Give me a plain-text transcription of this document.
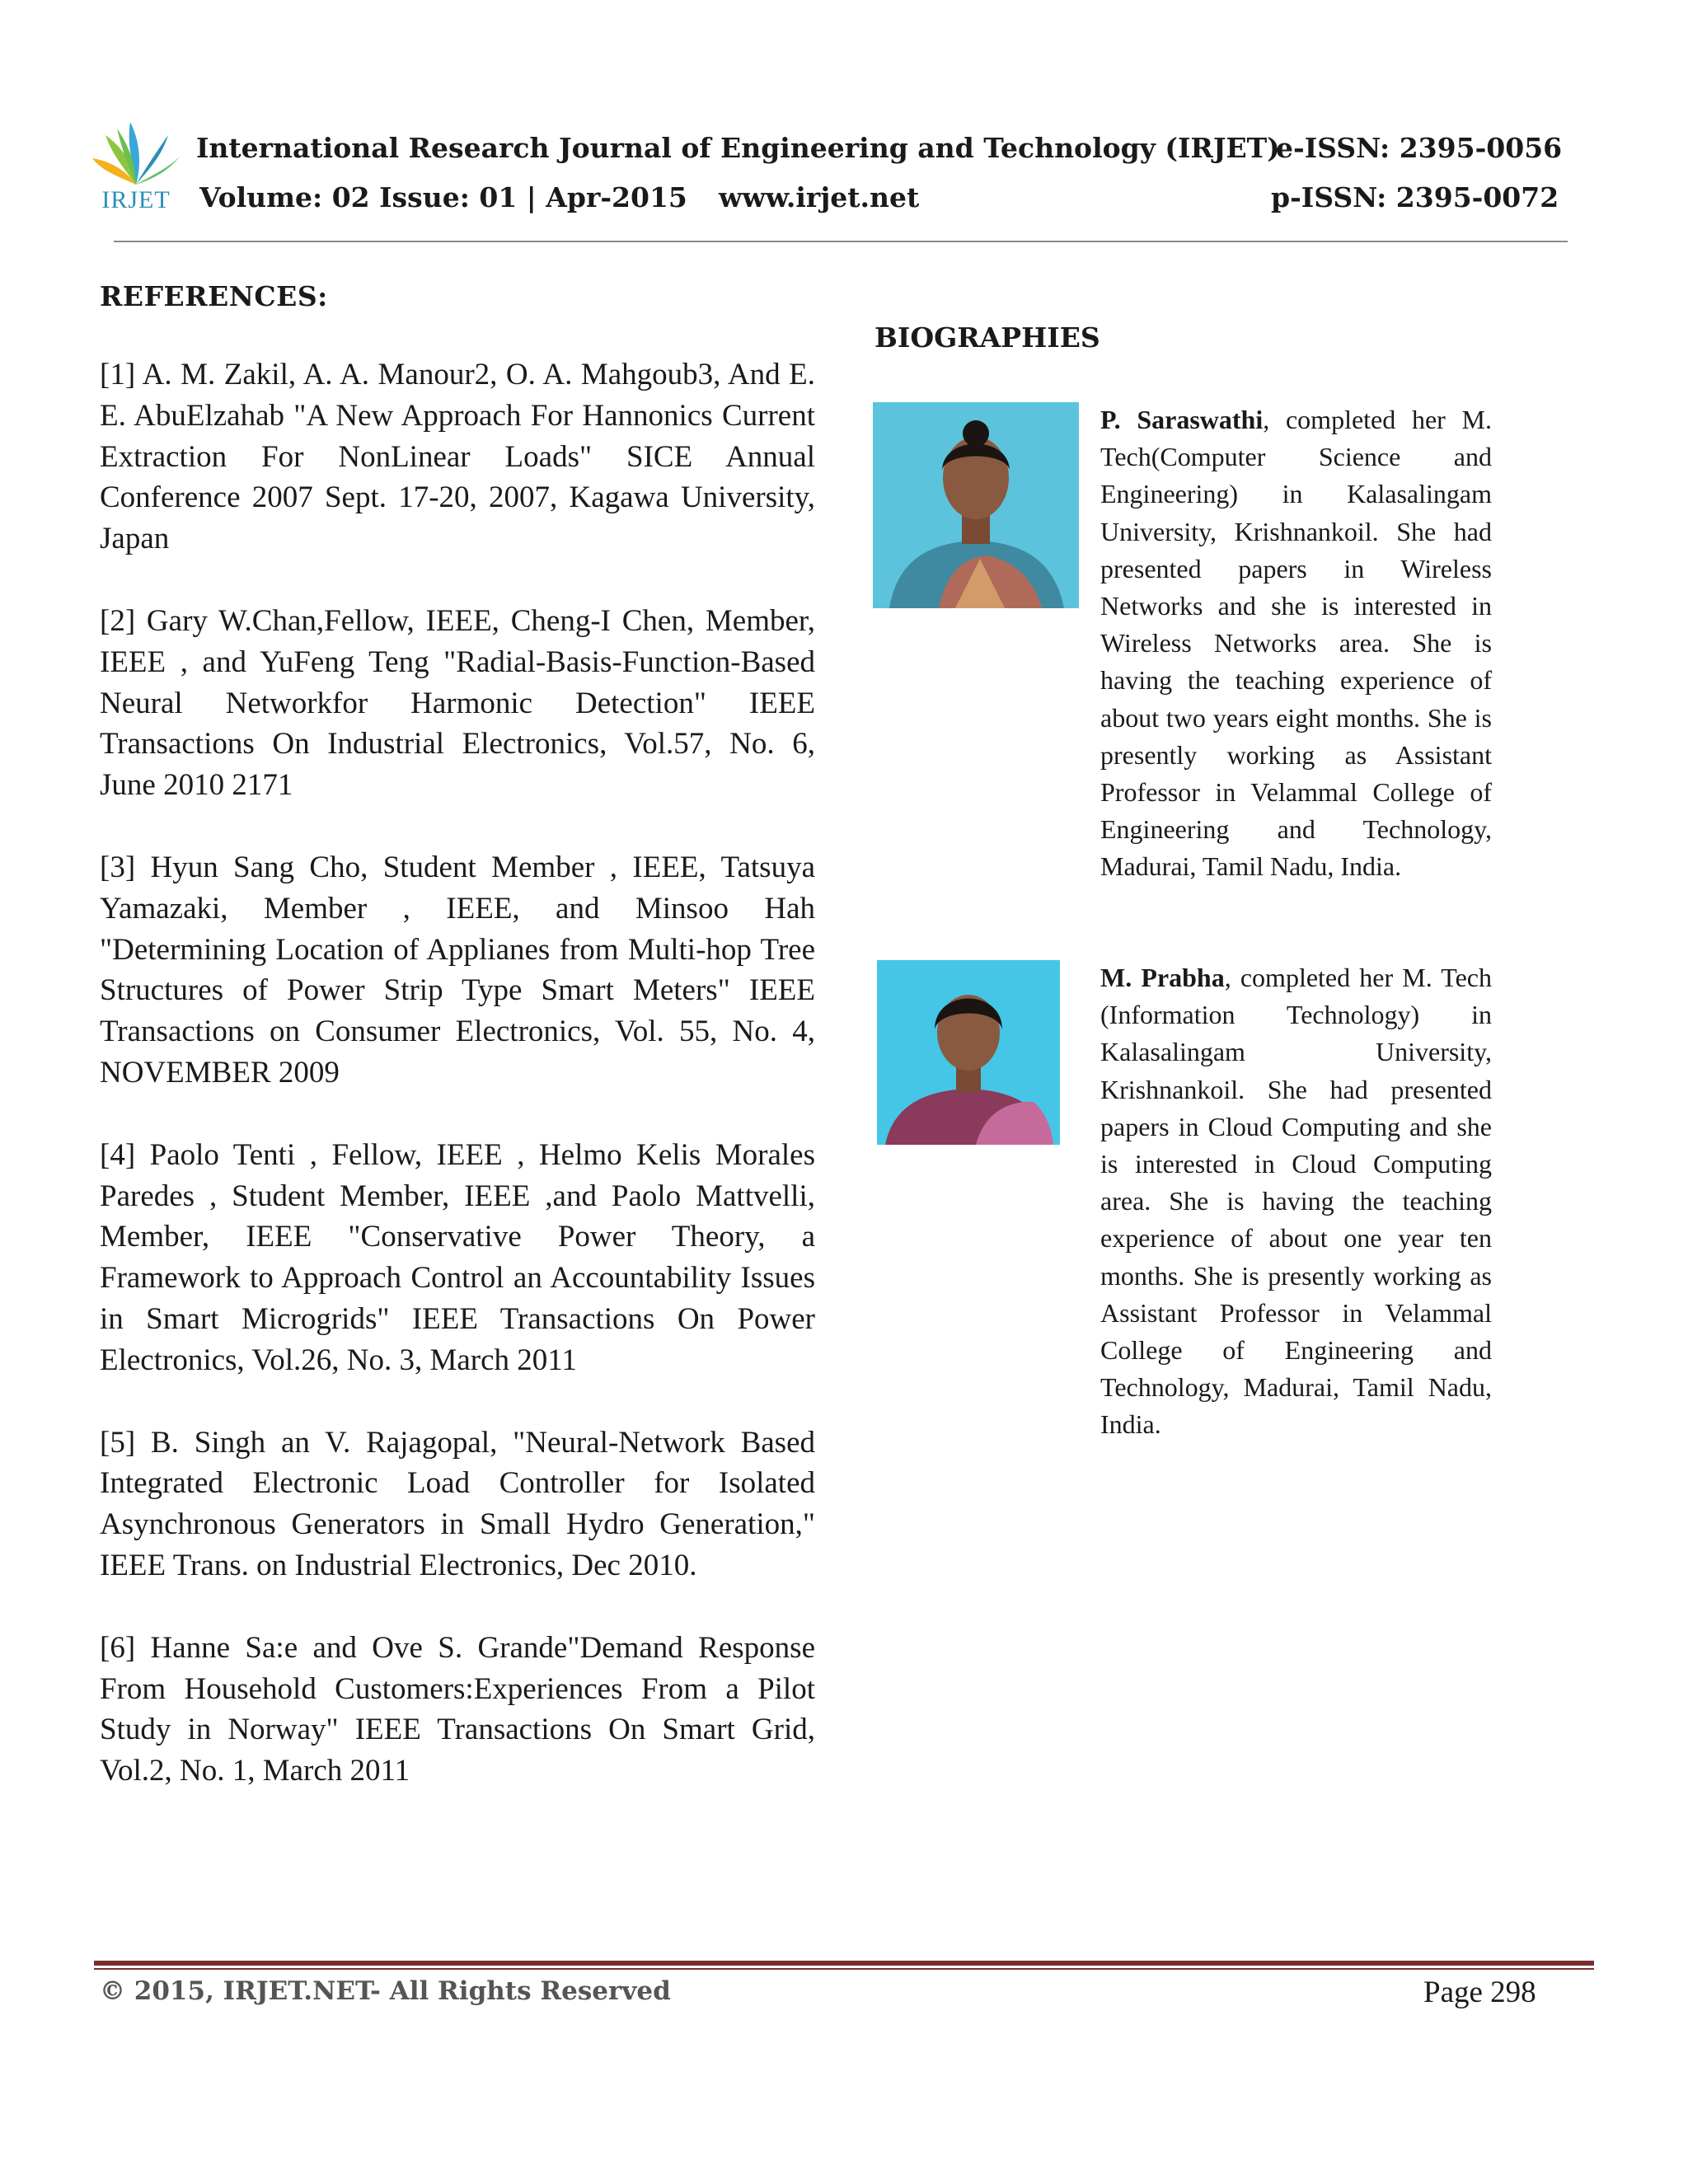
IRJET
International Research Journal of Engineering and Technology (IRJET)
e-ISSN: 2395-0056
Volume: 02 Issue: 01 | Apr-2015 www.irjet.net	p-ISSN: 2395-0072
REFERENCES:

[1] A. M. Zakil, A. A. Manour2, O. A. Mahgoub3, And E. E. AbuElzahab "A New Approach For Hannonics Current Extraction For NonLinear Loads" SICE Annual Conference 2007 Sept. 17-20, 2007, Kagawa University, Japan

[2] Gary W.Chan,Fellow, IEEE, Cheng-I Chen, Member, IEEE , and YuFeng Teng "Radial-Basis-Function-Based Neural Networkfor Harmonic Detection" IEEE Transactions On Industrial Electronics, Vol.57, No. 6, June 2010 2171

[3] Hyun Sang Cho, Student Member , IEEE, Tatsuya Yamazaki, Member , IEEE, and Minsoo Hah "Determining Location of Applianes from Multi-hop Tree Structures of Power Strip Type Smart Meters" IEEE Transactions on Consumer Electronics, Vol. 55, No. 4, NOVEMBER 2009

[4] Paolo Tenti , Fellow, IEEE , Helmo Kelis Morales Paredes , Student Member, IEEE ,and Paolo Mattvelli, Member, IEEE "Conservative Power Theory, a Framework to Approach Control an Accountability Issues in Smart Microgrids" IEEE Transactions On Power Electronics, Vol.26, No. 3, March 2011

[5] B. Singh an V. Rajagopal, "Neural-Network Based Integrated Electronic Load Controller for Isolated Asynchronous Generators in Small Hydro Generation," IEEE Trans. on Industrial Electronics, Dec 2010.

[6] Hanne Sa:e and Ove S. Grande"Demand Response From Household Customers:Experiences From a Pilot Study in Norway" IEEE Transactions On Smart Grid, Vol.2, No. 1, March 2011

BIOGRAPHIES
P. Saraswathi, completed her M. Tech(Computer Science and Engineering) in Kalasalingam University, Krishnankoil. She had presented papers in Wireless Networks and she is interested in Wireless Networks area. She is having the teaching experience of about two years eight months. She is presently working as Assistant Professor in Velammal College of Engineering and Technology, Madurai, Tamil Nadu, India.
M. Prabha, completed her M. Tech (Information Technology) in Kalasalingam University, Krishnankoil. She had presented papers in Cloud Computing and she is interested in Cloud Computing area. She is having the teaching experience of about one year ten months. She is presently working as Assistant Professor in Velammal College of Engineering and Technology, Madurai, Tamil Nadu, India.
© 2015, IRJET.NET- All Rights Reserved	Page 298
